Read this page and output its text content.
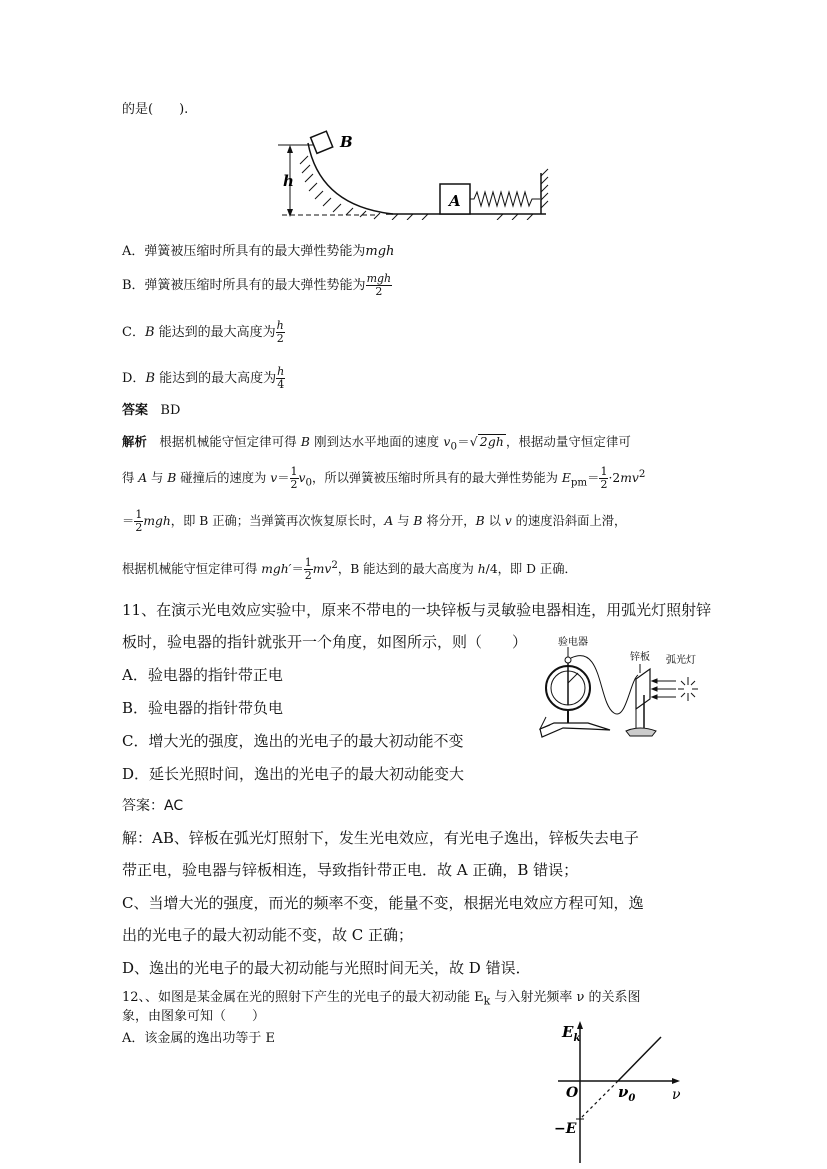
的是(　　).
h
B
A
A．弹簧被压缩时所具有的最大弹性势能为mgh
B．弹簧被压缩时所具有的最大弹性势能为 $\frac{\text{mgh}}{2}$
C．B 能达到的最大高度为 $\frac{h}{2}$
D．B 能达到的最大高度为 $\frac{h}{4}$
答案 BD
解析 根据机械能守恒定律可得 B 刚到达水平地面的速度 $v_0=√$ 2gh ，根据动量守恒定律可
得 A 与 B 碰撞后的速度为 $v= \frac{1}{2} v_0$，所以弹簧被压缩时所具有的最大弹性势能为 $E_{pm}= \frac{1}{2} \cdot 2mv^2$
＝ $\frac{1}{2}$ mgh，即 B 正确；当弹簧再次恢复原长时，A 与 B 将分开，B 以 v 的速度沿斜面上滑，
根据机械能守恒定律可得 $mgh'= \frac{1}{2} mv^2$，B 能达到的最大高度为 h/4，即 D 正确．
11、在演示光电效应实验中，原来不带电的一块锌板与灵敏验电器相连，用弧光灯照射锌
板时，验电器的指针就张开一个角度，如图所示，则（　　）	验电器
锌板 弧光灯
A．验电器的指针带正电
B．验电器的指针带负电
C．增大光的强度，逸出的光电子的最大初动能不变
D．延长光照时间，逸出的光电子的最大初动能变大
答案：AC
解：AB、锌板在弧光灯照射下，发生光电效应，有光电子逸出，锌板失去电子
带正电，验电器与锌板相连，导致指针带正电．故 A 正确，B 错误；
C、当增大光的强度，而光的频率不变，能量不变，根据光电效应方程可知，逸
出的光电子的最大初动能不变，故 C 正确；
D、逸出的光电子的最大初动能与光照时间无关，故 D 错误．
12、、如图是某金属在光的照射下产生的光电子的最大初动能 $E_k$ 与入射光频率 ν 的关系图
象，由图象可知（　　）
A．该金属的逸出功等于 E	$E_k$
ν
O	$\nu_0$
−E
